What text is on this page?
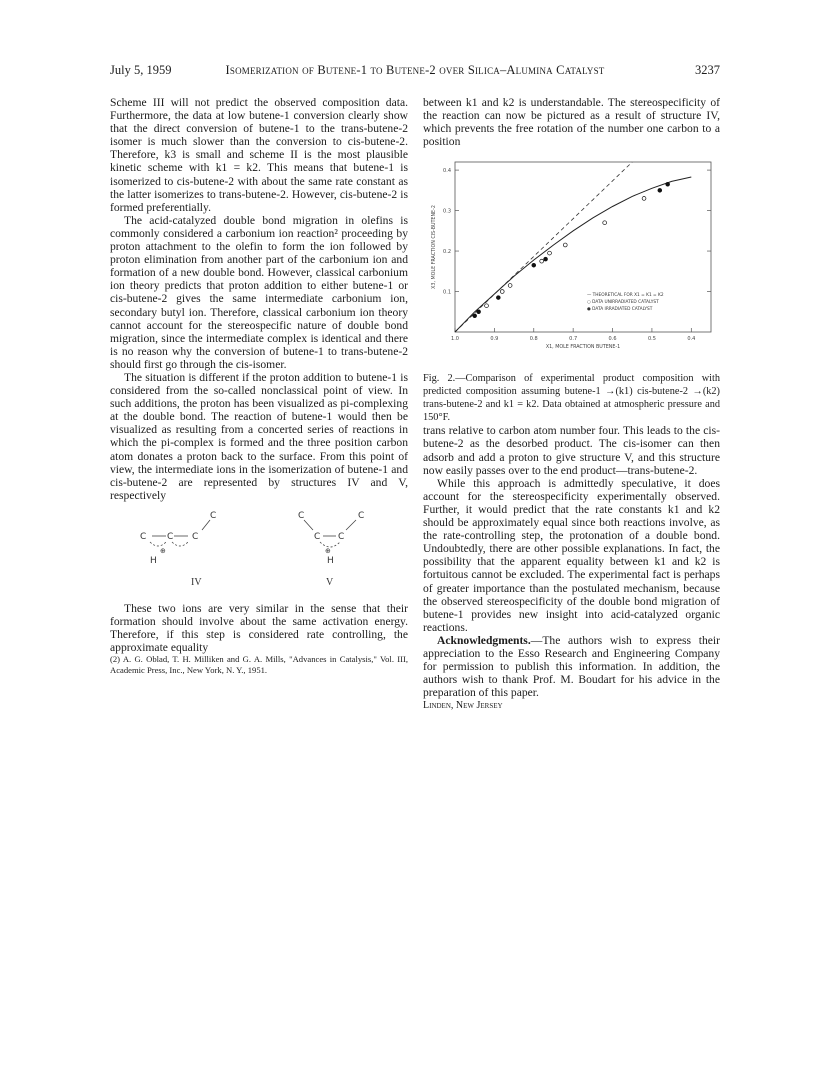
July 5, 1959	Isomerization of Butene-1 to Butene-2 over Silica–Alumina Catalyst	3237

Scheme III will not predict the observed composition data. Furthermore, the data at low butene-1 conversion clearly show that the direct conversion of butene-1 to the trans-butene-2 isomer is much slower than the conversion to cis-butene-2. Therefore, k3 is small and scheme II is the most plausible kinetic scheme with k1 = k2. This means that butene-1 is isomerized to cis-butene-2 with about the same rate constant as the latter isomerizes to trans-butene-2. However, cis-butene-2 is formed preferentially.

The acid-catalyzed double bond migration in olefins is commonly considered a carbonium ion reaction² proceeding by proton attachment to the olefin to form the ion followed by proton elimination from another part of the carbonium ion and formation of a new double bond. However, classical carbonium ion theory predicts that proton addition to either butene-1 or cis-butene-2 gives the same intermediate carbonium ion, secondary butyl ion. Therefore, classical carbonium ion theory cannot account for the stereospecific nature of double bond migration, since the intermediate complex is identical and there is no reason why the conversion of butene-1 to trans-butene-2 should first go through the cis-isomer.

The situation is different if the proton addition to butene-1 is considered from the so-called nonclassical point of view. In such additions, the proton has been visualized as pi-complexing at the double bond. The reaction of butene-1 would then be visualized as resulting from a concerted series of reactions in which the pi-complex is formed and the three position carbon atom donates a proton back to the surface. From this point of view, the intermediate ions in the isomerization of butene-1 and cis-butene-2 are represented by structures IV and V, respectively

C C C
C
⊕
H
C	C
C C
⊕
H
IV	V

These two ions are very similar in the sense that their formation should involve about the same activation energy. Therefore, if this step is considered rate controlling, the approximate equality

(2) A. G. Oblad, T. H. Milliken and G. A. Mills, "Advances in Catalysis," Vol. III, Academic Press, Inc., New York, N. Y., 1951.

between k1 and k2 is understandable. The stereospecificity of the reaction can now be pictured as a result of structure IV, which prevents the free rotation of the number one carbon to a position

1.0	0.9	0.8	0.7	0.6	0.5	0.4
0.1
0.2
0.3
0.4
X1, MOLE FRACTION BUTENE-1
X3, MOLE FRACTION CIS-BUTENE-2
— THEORETICAL FOR X1 = K1 = K2
○ DATA UNIRRADIATED CATALYST
● DATA IRRADIATED CATALYST

Fig. 2.—Comparison of experimental product composition with predicted composition assuming butene-1 →(k1) cis-butene-2 →(k2) trans-butene-2 and k1 = k2. Data obtained at atmospheric pressure and 150°F.

trans relative to carbon atom number four. This leads to the cis-butene-2 as the desorbed product. The cis-isomer can then adsorb and add a proton to give structure V, and this structure now easily passes over to the end product—trans-butene-2.

While this approach is admittedly speculative, it does account for the stereospecificity experimentally observed. Further, it would predict that the rate constants k1 and k2 should be approximately equal since both reactions involve, as the rate-controlling step, the protonation of a double bond. Undoubtedly, there are other possible explanations. In fact, the possibility that the apparent equality between k1 and k2 is fortuitous cannot be excluded. The experimental fact is perhaps of greater importance than the postulated mechanism, because the observed stereospecificity of the double bond migration of butene-1 provides new insight into acid-catalyzed organic reactions.

Acknowledgments.—The authors wish to express their appreciation to the Esso Research and Engineering Company for permission to publish this information. In addition, the authors wish to thank Prof. M. Boudart for his advice in the preparation of this paper.

Linden, New Jersey
